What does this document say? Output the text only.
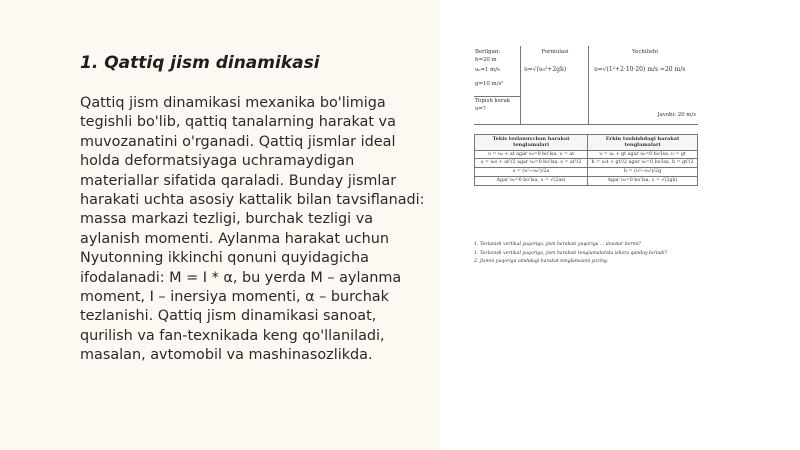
1. Qattiq jism dinamikasi

Qattiq jism dinamikasi mexanika bo'limiga tegishli bo'lib, qattiq tanalarning harakat va muvozanatini o'rganadi. Qattiq jismlar ideal holda deformatsiyaga uchramaydigan materiallar sifatida qaraladi. Bunday jismlar harakati uchta asosiy kattalik bilan tavsiflanadi: massa markazi tezligi, burchak tezligi va aylanish momenti. Aylanma harakat uchun Nyutonning ikkinchi qonuni quyidagicha ifodalanadi: M = I * α, bu yerda M – aylanma moment, I – inersiya momenti, α – burchak tezlanishi. Qattiq jism dinamikasi sanoat, qurilish va fan-texnikada keng qo'llaniladi, masalan, avtomobil va mashinasozlikda.

Berilgan:
h=20 m
υ₀=1 m/s
g=10 m/s²
Topish kerak
υ=?
Formulasi
υ=√(υ₀²+2gh)
Yechilishi
υ=√(1²+2·10·20) m/s ≈20 m/s
Javobi: 20 m/s
Tekis tezlanuvchan harakat tenglamalari	Erkin tushishdagi harakat tenglamalari
υ = υ₀ + at agar υ₀=0 bo'lsa, υ = at	υ = υ₀ + gt agar υ₀=0 bo'lsa, υ = gt
s = υ₀t + at²/2 agar υ₀=0 bo'lsa, s = at²/2	h = υ₀t + gt²/2 agar υ₀=0 bo'lsa, h = gt²/2
s = (υ²−υ₀²)/2a	h = (υ²−υ₀²)/2g
Agar υ₀=0 bo'lsa, υ = √(2as)	Agar υ₀=0 bo'lsa, υ = √(2gh)

1. Tezlanish vertikal yuqoriga, jism harakati yuqoriga ... ilovalar bormi?

1. Tezlanish vertikal yuqoriga, jism harakati tenglamalarida ishora qanday bo'ladi?

2. Jismni yuqoriga otishdagi harakat tenglamasini yozing.
